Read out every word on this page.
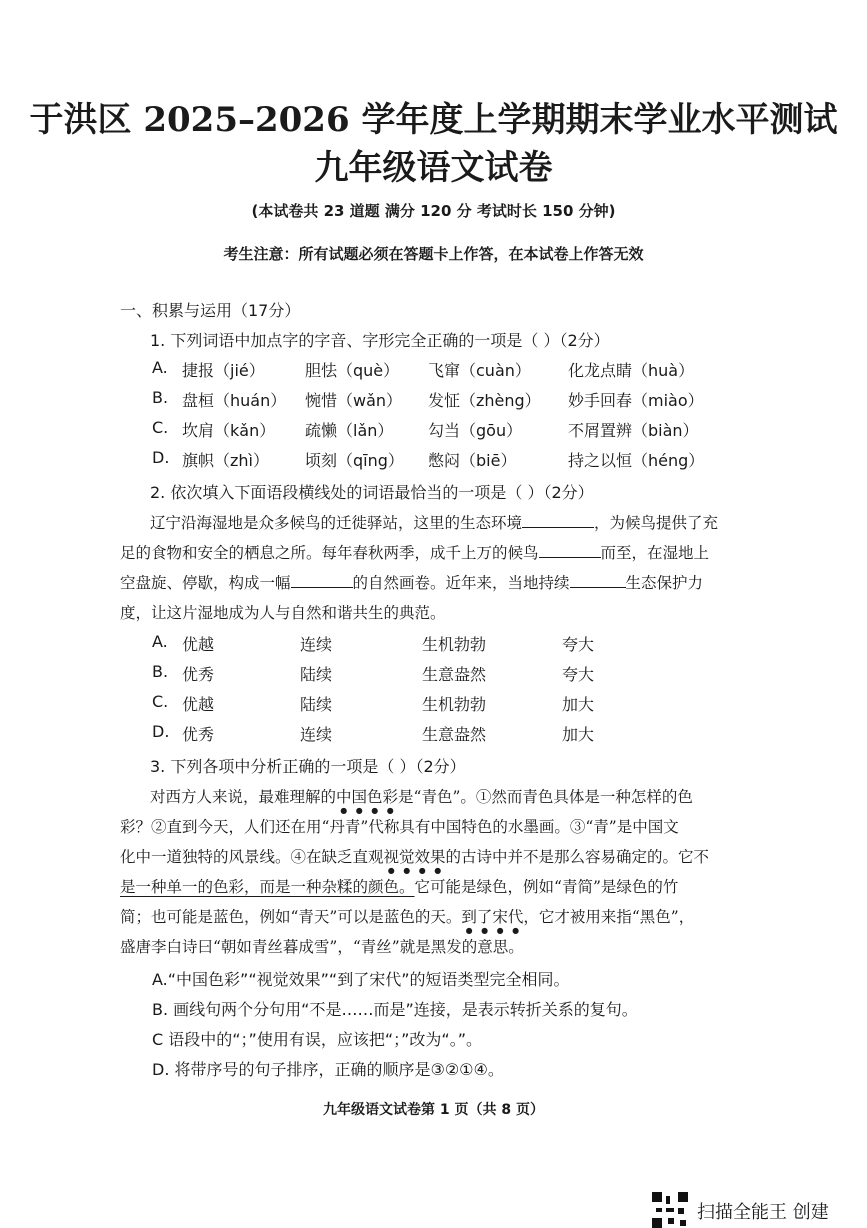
于洪区 2025–2026 学年度上学期期末学业水平测试
九年级语文试卷
(本试卷共 23 道题 满分 120 分 考试时长 150 分钟)
考生注意：所有试题必须在答题卡上作答，在本试卷上作答无效
一、积累与运用（17分）
1. 下列词语中加点字的字音、字形完全正确的一项是（ ）（2分）
A. 捷报（jié）	胆怯（què） 飞窜（cuàn） 化龙点睛（huà）
B. 盘桓（huán） 惋惜（wǎn） 发怔（zhèng） 妙手回春（miào）
C. 坎肩（kǎn） 疏懒（lǎn） 勾当（gōu）	不屑置辨（biàn）
D. 旗帜（zhì） 顷刻（qīng） 憋闷（biē）	持之以恒（héng）
2. 依次填入下面语段横线处的词语最恰当的一项是（ ）（2分）
辽宁沿海湿地是众多候鸟的迁徙驿站，这里的生态环境	，为候鸟提供了充
足的食物和安全的栖息之所。每年春秋两季，成千上万的候鸟	而至，在湿地上
空盘旋、停歇，构成一幅	的自然画卷。近年来，当地持续	生态保护力
度，让这片湿地成为人与自然和谐共生的典范。
A. 优越	连续	生机勃勃	夸大
B. 优秀	陆续	生意盎然	夸大
C. 优越	陆续	生机勃勃	加大
D. 优秀	连续	生意盎然	加大
3. 下列各项中分析正确的一项是（ ）（2分）
对西方人来说，最难理解的中国色彩是“青色”。①然而青色具体是一种怎样的色
彩？②直到今天，人们还在用“丹青”代称具有中国特色的水墨画。③“青”是中国文
化中一道独特的风景线。④在缺乏直观视觉效果的古诗中并不是那么容易确定的。它不
是一种单一的色彩，而是一种杂糅的颜色。它可能是绿色，例如“青简”是绿色的竹
简；也可能是蓝色，例如“青天”可以是蓝色的天。到了宋代，它才被用来指“黑色”，
盛唐李白诗曰“朝如青丝暮成雪”，“青丝”就是黑发的意思。
A.“中国色彩”“视觉效果”“到了宋代”的短语类型完全相同。
B. 画线句两个分句用“不是……而是”连接，是表示转折关系的复句。
C 语段中的“；”使用有误，应该把“；”改为“。”。
D. 将带序号的句子排序，正确的顺序是③②①④。
九年级语文试卷第 1 页（共 8 页）
扫描全能王 创建
